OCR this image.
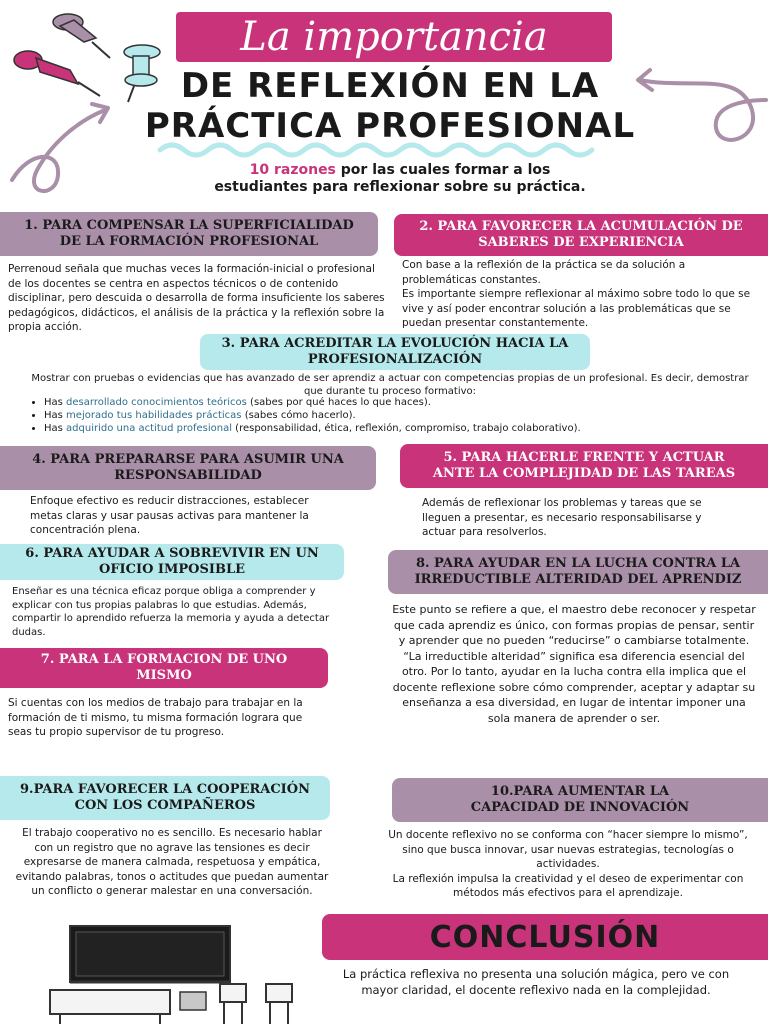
La importancia
DE REFLEXIÓN EN LA
PRÁCTICA PROFESIONAL
10 razones por las cuales formar a los
estudiantes para reflexionar sobre su práctica.
1. PARA COMPENSAR LA SUPERFICIALIDAD
DE LA FORMACIÓN PROFESIONAL
Perrenoud señala que muchas veces la formación-inicial o profesional de los docentes se centra en aspectos técnicos o de contenido disciplinar, pero descuida o desarrolla de forma insuficiente los saberes pedagógicos, didácticos, el análisis de la práctica y la reflexión sobre la propia acción.
2. PARA FAVORECER LA ACUMULACIÓN DE
SABERES DE EXPERIENCIA
Con base a la reflexión de la práctica se da solución a problemáticas constantes.
Es importante siempre reflexionar al máximo sobre todo lo que se vive y así poder encontrar solución a las problemáticas que se puedan presentar constantemente.
3. PARA ACREDITAR LA EVOLUCIÓN HACIA LA
PROFESIONALIZACIÓN
Mostrar con pruebas o evidencias que has avanzado de ser aprendiz a actuar con competencias propias de un profesional. Es decir, demostrar que durante tu proceso formativo:
• Has desarrollado conocimientos teóricos (sabes por qué haces lo que haces).
• Has mejorado tus habilidades prácticas (sabes cómo hacerlo).
• Has adquirido una actitud profesional (responsabilidad, ética, reflexión, compromiso, trabajo colaborativo).
4. PARA PREPARARSE PARA ASUMIR UNA
RESPONSABILIDAD
Enfoque efectivo es reducir distracciones, establecer metas claras y usar pausas activas para mantener la concentración plena.
5. PARA HACERLE FRENTE Y ACTUAR
ANTE LA COMPLEJIDAD DE LAS TAREAS
Además de reflexionar los problemas y tareas que se lleguen a presentar, es necesario responsabilisarse y actuar para resolverlos.
6. PARA AYUDAR A SOBREVIVIR EN UN
OFICIO IMPOSIBLE
Enseñar es una técnica eficaz porque obliga a comprender y explicar con tus propias palabras lo que estudias. Además, compartir lo aprendido refuerza la memoria y ayuda a detectar dudas.
7. PARA LA FORMACION DE UNO
MISMO
Si cuentas con los medios de trabajo para trabajar en la formación de ti mismo, tu misma formación lograra que seas tu propio supervisor de tu progreso.
8. PARA AYUDAR EN LA LUCHA CONTRA LA
IRREDUCTIBLE ALTERIDAD DEL APRENDIZ
Este punto se refiere a que, el maestro debe reconocer y respetar que cada aprendiz es único, con formas propias de pensar, sentir y aprender que no pueden “reducirse” o cambiarse totalmente. “La irreductible alteridad” significa esa diferencia esencial del otro. Por lo tanto, ayudar en la lucha contra ella implica que el docente reflexione sobre cómo comprender, aceptar y adaptar su enseñanza a esa diversidad, en lugar de intentar imponer una sola manera de aprender o ser.
9.PARA FAVORECER LA COOPERACIÓN
CON LOS COMPAÑEROS
El trabajo cooperativo no es sencillo. Es necesario hablar con un registro que no agrave las tensiones es decir expresarse de manera calmada, respetuosa y empática, evitando palabras, tonos o actitudes que puedan aumentar un conflicto o generar malestar en una conversación.
10.PARA AUMENTAR LA
CAPACIDAD DE INNOVACIÓN
Un docente reflexivo no se conforma con “hacer siempre lo mismo”, sino que busca innovar, usar nuevas estrategias, tecnologías o actividades.
La reflexión impulsa la creatividad y el deseo de experimentar con métodos más efectivos para el aprendizaje.
CONCLUSIÓN
La práctica reflexiva no presenta una solución mágica, pero ve con mayor claridad, el docente reflexivo nada en la complejidad.
